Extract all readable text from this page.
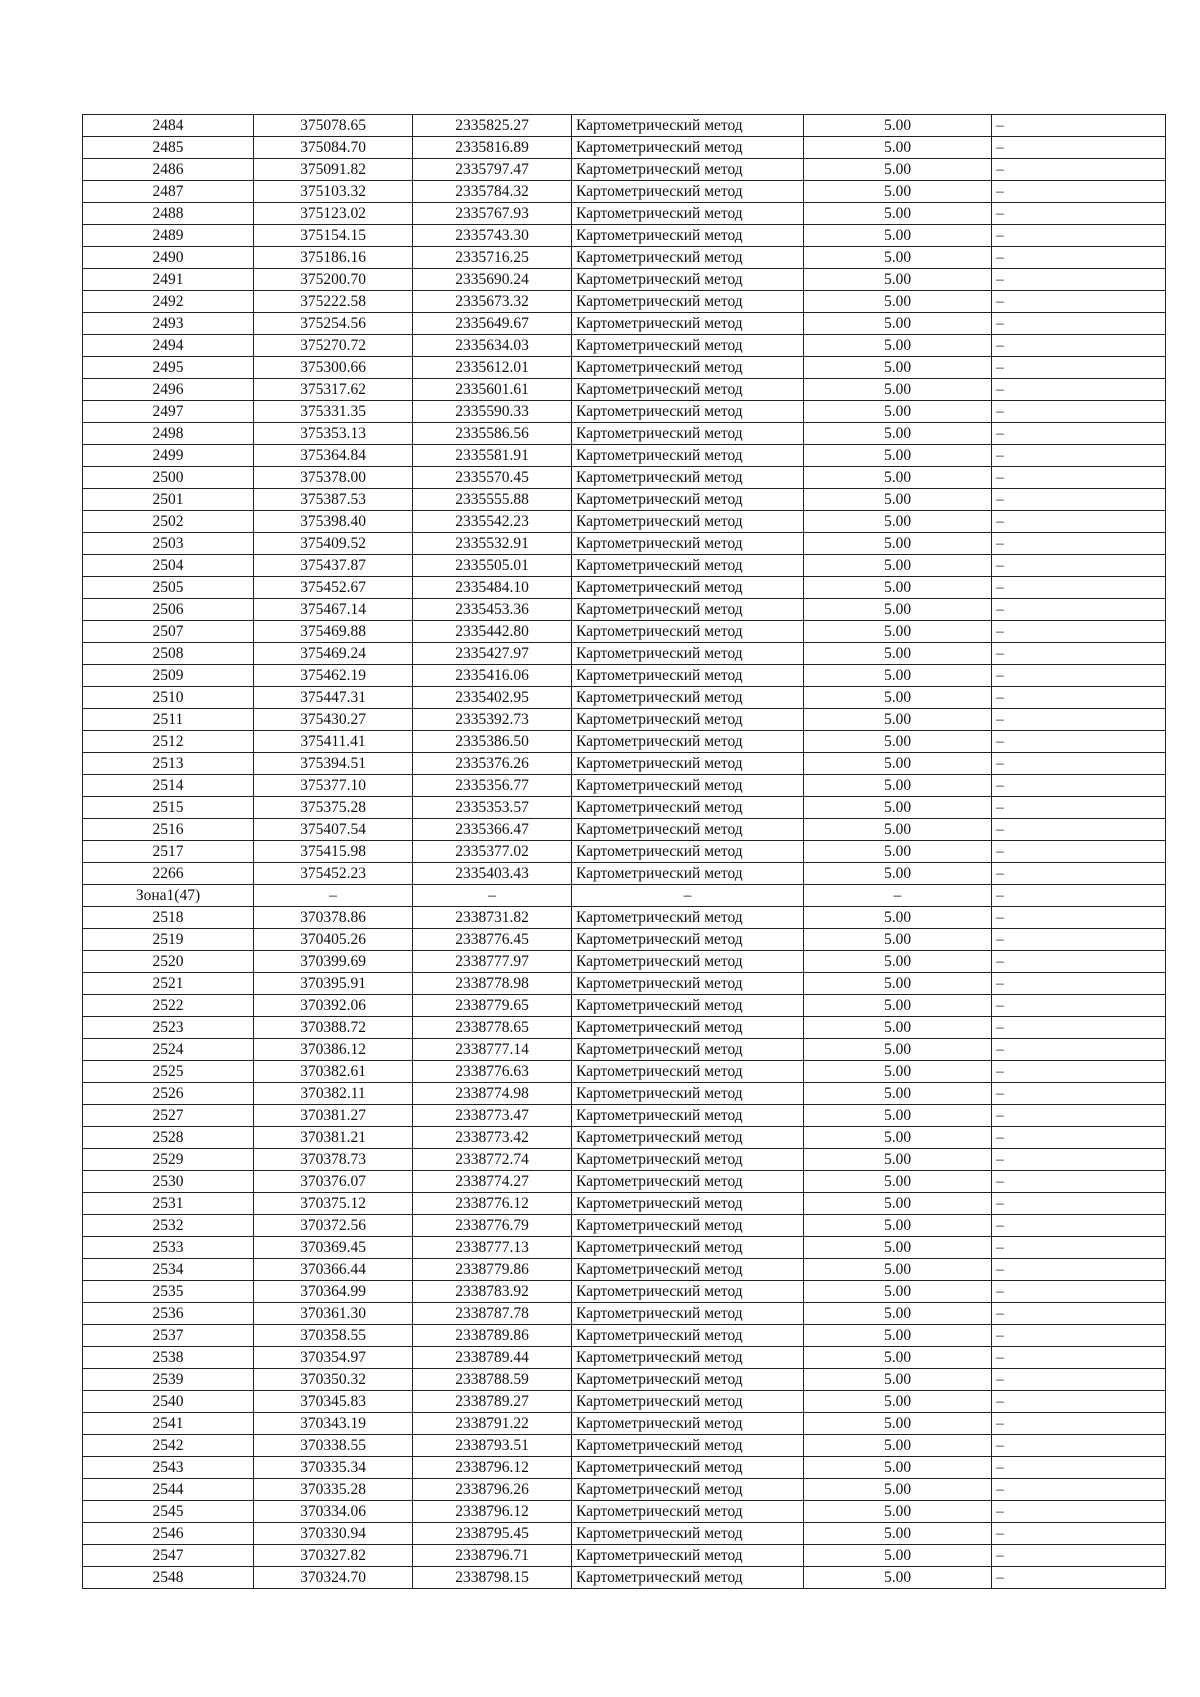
2484	375078.65	2335825.27	Картометрический метод	5.00	–
2485	375084.70	2335816.89	Картометрический метод	5.00	–
2486	375091.82	2335797.47	Картометрический метод	5.00	–
2487	375103.32	2335784.32	Картометрический метод	5.00	–
2488	375123.02	2335767.93	Картометрический метод	5.00	–
2489	375154.15	2335743.30	Картометрический метод	5.00	–
2490	375186.16	2335716.25	Картометрический метод	5.00	–
2491	375200.70	2335690.24	Картометрический метод	5.00	–
2492	375222.58	2335673.32	Картометрический метод	5.00	–
2493	375254.56	2335649.67	Картометрический метод	5.00	–
2494	375270.72	2335634.03	Картометрический метод	5.00	–
2495	375300.66	2335612.01	Картометрический метод	5.00	–
2496	375317.62	2335601.61	Картометрический метод	5.00	–
2497	375331.35	2335590.33	Картометрический метод	5.00	–
2498	375353.13	2335586.56	Картометрический метод	5.00	–
2499	375364.84	2335581.91	Картометрический метод	5.00	–
2500	375378.00	2335570.45	Картометрический метод	5.00	–
2501	375387.53	2335555.88	Картометрический метод	5.00	–
2502	375398.40	2335542.23	Картометрический метод	5.00	–
2503	375409.52	2335532.91	Картометрический метод	5.00	–
2504	375437.87	2335505.01	Картометрический метод	5.00	–
2505	375452.67	2335484.10	Картометрический метод	5.00	–
2506	375467.14	2335453.36	Картометрический метод	5.00	–
2507	375469.88	2335442.80	Картометрический метод	5.00	–
2508	375469.24	2335427.97	Картометрический метод	5.00	–
2509	375462.19	2335416.06	Картометрический метод	5.00	–
2510	375447.31	2335402.95	Картометрический метод	5.00	–
2511	375430.27	2335392.73	Картометрический метод	5.00	–
2512	375411.41	2335386.50	Картометрический метод	5.00	–
2513	375394.51	2335376.26	Картометрический метод	5.00	–
2514	375377.10	2335356.77	Картометрический метод	5.00	–
2515	375375.28	2335353.57	Картометрический метод	5.00	–
2516	375407.54	2335366.47	Картометрический метод	5.00	–
2517	375415.98	2335377.02	Картометрический метод	5.00	–
2266	375452.23	2335403.43	Картометрический метод	5.00	–
Зона1(47)	–	–	–	–	–
2518	370378.86	2338731.82	Картометрический метод	5.00	–
2519	370405.26	2338776.45	Картометрический метод	5.00	–
2520	370399.69	2338777.97	Картометрический метод	5.00	–
2521	370395.91	2338778.98	Картометрический метод	5.00	–
2522	370392.06	2338779.65	Картометрический метод	5.00	–
2523	370388.72	2338778.65	Картометрический метод	5.00	–
2524	370386.12	2338777.14	Картометрический метод	5.00	–
2525	370382.61	2338776.63	Картометрический метод	5.00	–
2526	370382.11	2338774.98	Картометрический метод	5.00	–
2527	370381.27	2338773.47	Картометрический метод	5.00	–
2528	370381.21	2338773.42	Картометрический метод	5.00	–
2529	370378.73	2338772.74	Картометрический метод	5.00	–
2530	370376.07	2338774.27	Картометрический метод	5.00	–
2531	370375.12	2338776.12	Картометрический метод	5.00	–
2532	370372.56	2338776.79	Картометрический метод	5.00	–
2533	370369.45	2338777.13	Картометрический метод	5.00	–
2534	370366.44	2338779.86	Картометрический метод	5.00	–
2535	370364.99	2338783.92	Картометрический метод	5.00	–
2536	370361.30	2338787.78	Картометрический метод	5.00	–
2537	370358.55	2338789.86	Картометрический метод	5.00	–
2538	370354.97	2338789.44	Картометрический метод	5.00	–
2539	370350.32	2338788.59	Картометрический метод	5.00	–
2540	370345.83	2338789.27	Картометрический метод	5.00	–
2541	370343.19	2338791.22	Картометрический метод	5.00	–
2542	370338.55	2338793.51	Картометрический метод	5.00	–
2543	370335.34	2338796.12	Картометрический метод	5.00	–
2544	370335.28	2338796.26	Картометрический метод	5.00	–
2545	370334.06	2338796.12	Картометрический метод	5.00	–
2546	370330.94	2338795.45	Картометрический метод	5.00	–
2547	370327.82	2338796.71	Картометрический метод	5.00	–
2548	370324.70	2338798.15	Картометрический метод	5.00	–
